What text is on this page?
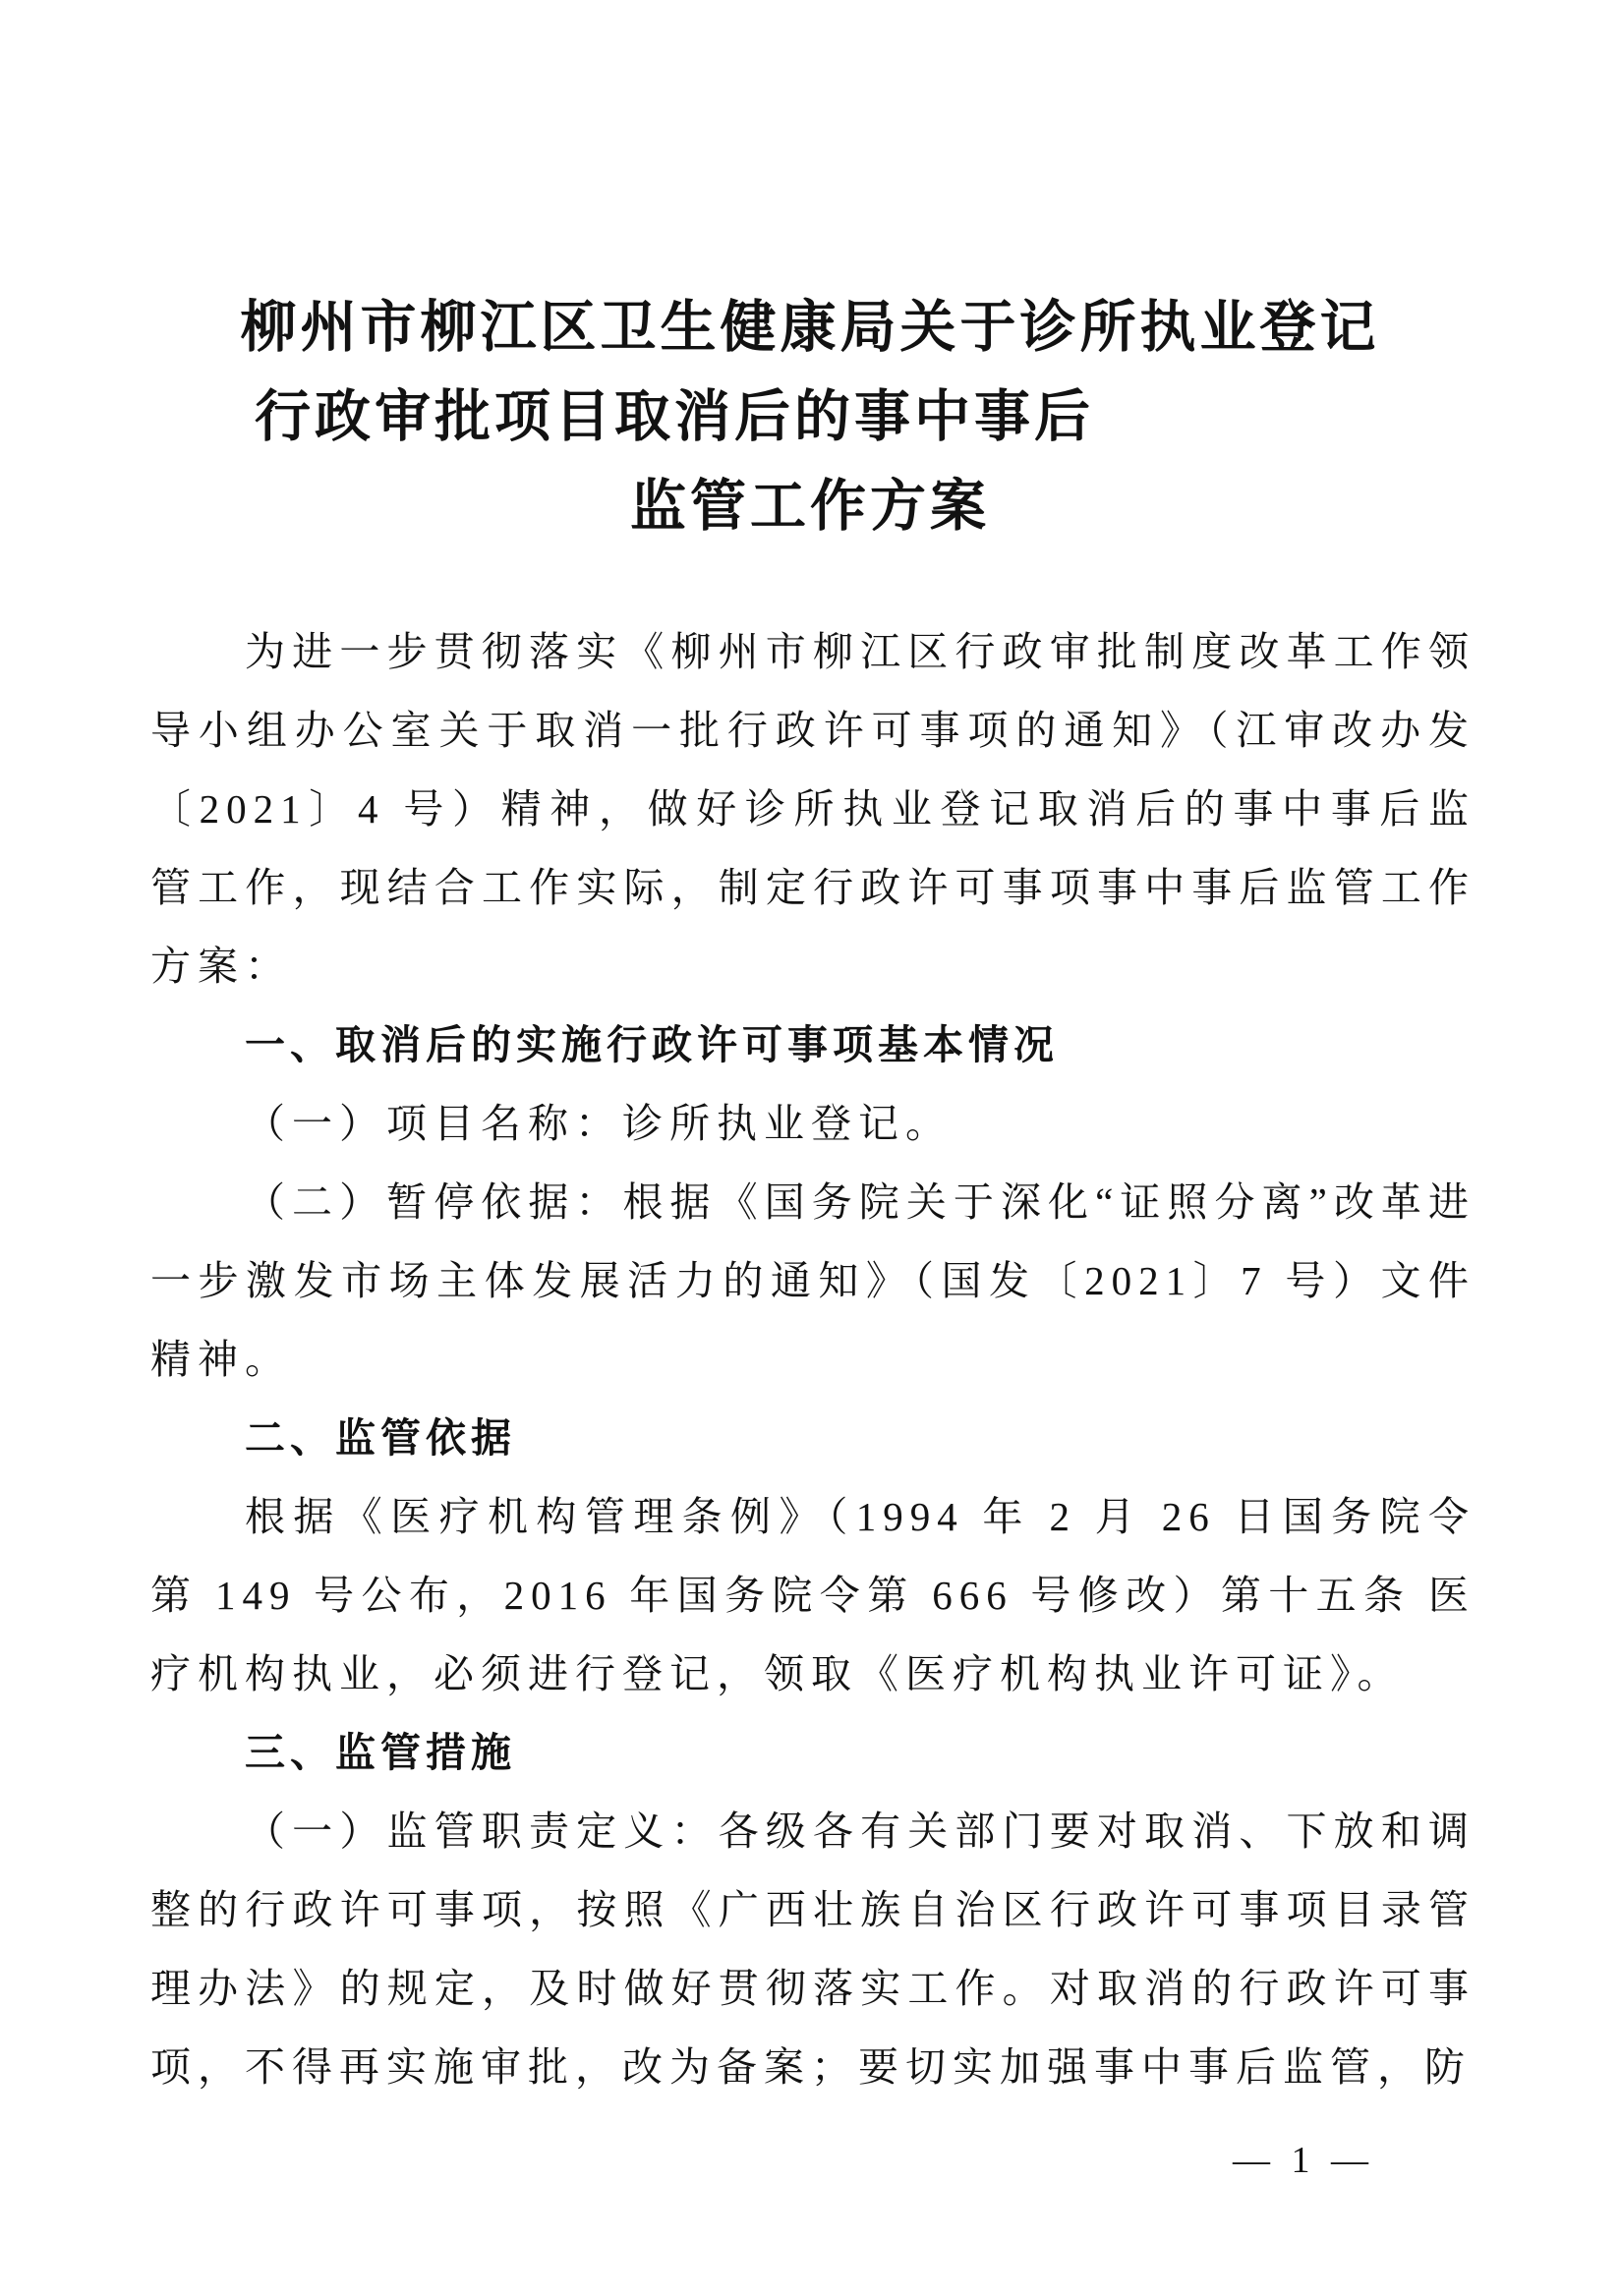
柳州市柳江区卫生健康局关于诊所执业登记
行政审批项目取消后的事中事后
监管工作方案

为进一步贯彻落实《柳州市柳江区行政审批制度改革工作领导小组办公室关于取消一批行政许可事项的通知》（江审改办发〔2021〕4 号）精神，做好诊所执业登记取消后的事中事后监管工作，现结合工作实际，制定行政许可事项事中事后监管工作方案：

一、取消后的实施行政许可事项基本情况

（一）项目名称：诊所执业登记。

（二）暂停依据：根据《国务院关于深化“证照分离”改革进一步激发市场主体发展活力的通知》（国发〔2021〕7 号）文件精神。

二、监管依据

根据《医疗机构管理条例》（1994 年 2 月 26 日国务院令第 149 号公布，2016 年国务院令第 666 号修改）第十五条 医疗机构执业，必须进行登记，领取《医疗机构执业许可证》。

三、监管措施

（一）监管职责定义：各级各有关部门要对取消、下放和调整的行政许可事项，按照《广西壮族自治区行政许可事项目录管理办法》的规定，及时做好贯彻落实工作。对取消的行政许可事项，不得再实施审批，改为备案；要切实加强事中事后监管，防

— 1 —
